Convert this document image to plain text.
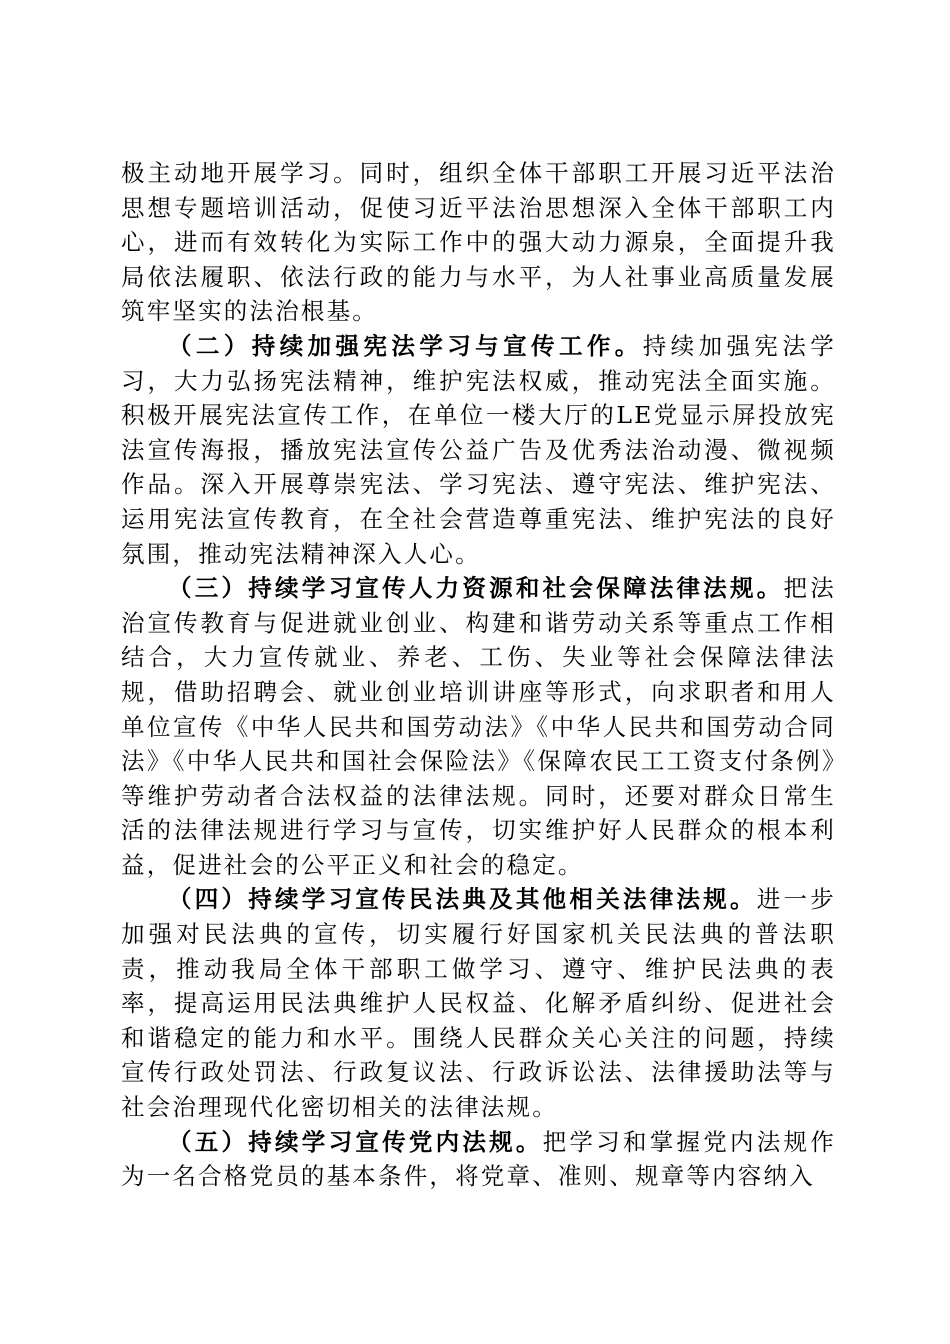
极主动地开展学习。同时，组织全体干部职工开展习近平法治思想专题培训活动，促使习近平法治思想深入全体干部职工内心，进而有效转化为实际工作中的强大动力源泉，全面提升我局依法履职、依法行政的能力与水平，为人社事业高质量发展筑牢坚实的法治根基。

（二）持续加强宪法学习与宣传工作。持续加强宪法学习，大力弘扬宪法精神，维护宪法权威，推动宪法全面实施。积极开展宪法宣传工作，在单位一楼大厅的LE党显示屏投放宪法宣传海报，播放宪法宣传公益广告及优秀法治动漫、微视频作品。深入开展尊崇宪法、学习宪法、遵守宪法、维护宪法、运用宪法宣传教育，在全社会营造尊重宪法、维护宪法的良好氛围，推动宪法精神深入人心。

（三）持续学习宣传人力资源和社会保障法律法规。把法治宣传教育与促进就业创业、构建和谐劳动关系等重点工作相结合，大力宣传就业、养老、工伤、失业等社会保障法律法规，借助招聘会、就业创业培训讲座等形式，向求职者和用人单位宣传《中华人民共和国劳动法》《中华人民共和国劳动合同法》《中华人民共和国社会保险法》《保障农民工工资支付条例》等维护劳动者合法权益的法律法规。同时，还要对群众日常生活的法律法规进行学习与宣传，切实维护好人民群众的根本利益，促进社会的公平正义和社会的稳定。

（四）持续学习宣传民法典及其他相关法律法规。进一步加强对民法典的宣传，切实履行好国家机关民法典的普法职责，推动我局全体干部职工做学习、遵守、维护民法典的表率，提高运用民法典维护人民权益、化解矛盾纠纷、促进社会和谐稳定的能力和水平。围绕人民群众关心关注的问题，持续宣传行政处罚法、行政复议法、行政诉讼法、法律援助法等与社会治理现代化密切相关的法律法规。

（五）持续学习宣传党内法规。把学习和掌握党内法规作为一名合格党员的基本条件，将党章、准则、规章等内容纳入
